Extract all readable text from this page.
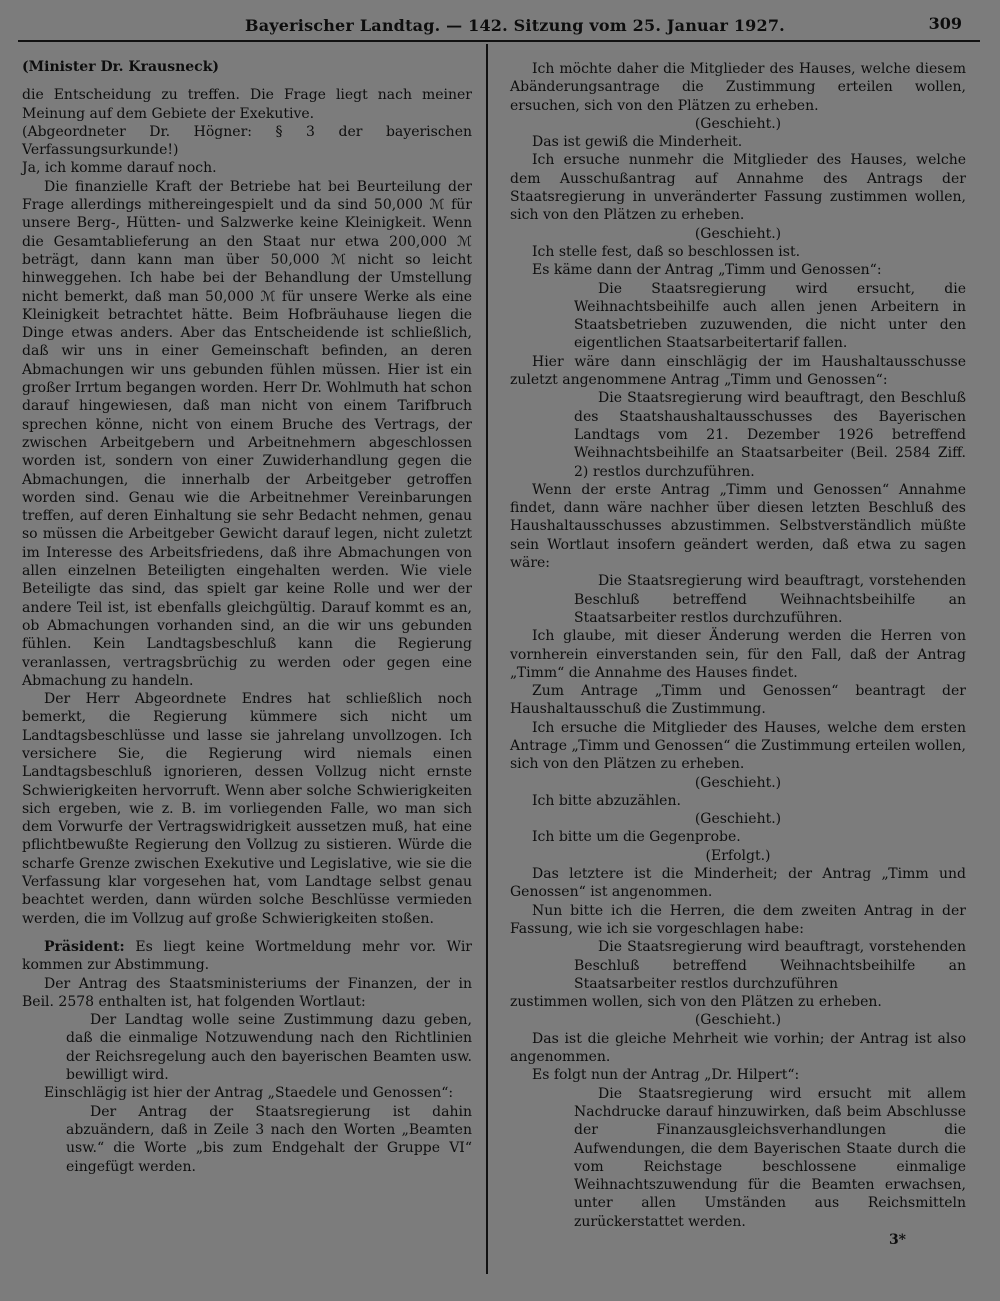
Bayerischer Landtag. — 142. Sitzung vom 25. Januar 1927.	309

(Minister Dr. Krausneck)

die Entscheidung zu treffen. Die Frage liegt nach meiner Meinung auf dem Gebiete der Exekutive.

(Abgeordneter Dr. Högner: § 3 der bayerischen Verfassungsurkunde!)

Ja, ich komme darauf noch.

Die finanzielle Kraft der Betriebe hat bei Beurteilung der Frage allerdings mithereingespielt und da sind 50,000 ℳ für unsere Berg-, Hütten- und Salzwerke keine Kleinigkeit. Wenn die Gesamtablieferung an den Staat nur etwa 200,000 ℳ beträgt, dann kann man über 50,000 ℳ nicht so leicht hinweggehen. Ich habe bei der Behandlung der Umstellung nicht bemerkt, daß man 50,000 ℳ für unsere Werke als eine Kleinigkeit betrachtet hätte. Beim Hofbräuhause liegen die Dinge etwas anders. Aber das Entscheidende ist schließlich, daß wir uns in einer Gemeinschaft befinden, an deren Abmachungen wir uns gebunden fühlen müssen. Hier ist ein großer Irrtum begangen worden. Herr Dr. Wohlmuth hat schon darauf hingewiesen, daß man nicht von einem Tarifbruch sprechen könne, nicht von einem Bruche des Vertrags, der zwischen Arbeitgebern und Arbeitnehmern abgeschlossen worden ist, sondern von einer Zuwiderhandlung gegen die Abmachungen, die innerhalb der Arbeitgeber getroffen worden sind. Genau wie die Arbeitnehmer Vereinbarungen treffen, auf deren Einhaltung sie sehr Bedacht nehmen, genau so müssen die Arbeitgeber Gewicht darauf legen, nicht zuletzt im Interesse des Arbeitsfriedens, daß ihre Abmachungen von allen einzelnen Beteiligten eingehalten werden. Wie viele Beteiligte das sind, das spielt gar keine Rolle und wer der andere Teil ist, ist ebenfalls gleichgültig. Darauf kommt es an, ob Abmachungen vorhanden sind, an die wir uns gebunden fühlen. Kein Landtagsbeschluß kann die Regierung veranlassen, vertragsbrüchig zu werden oder gegen eine Abmachung zu handeln.

Der Herr Abgeordnete Endres hat schließlich noch bemerkt, die Regierung kümmere sich nicht um Landtagsbeschlüsse und lasse sie jahrelang unvollzogen. Ich versichere Sie, die Regierung wird niemals einen Landtagsbeschluß ignorieren, dessen Vollzug nicht ernste Schwierigkeiten hervorruft. Wenn aber solche Schwierigkeiten sich ergeben, wie z. B. im vorliegenden Falle, wo man sich dem Vorwurfe der Vertragswidrigkeit aussetzen muß, hat eine pflichtbewußte Regierung den Vollzug zu sistieren. Würde die scharfe Grenze zwischen Exekutive und Legislative, wie sie die Verfassung klar vorgesehen hat, vom Landtage selbst genau beachtet werden, dann würden solche Beschlüsse vermieden werden, die im Vollzug auf große Schwierigkeiten stoßen.

Präsident: Es liegt keine Wortmeldung mehr vor. Wir kommen zur Abstimmung.

Der Antrag des Staatsministeriums der Finanzen, der in Beil. 2578 enthalten ist, hat folgenden Wortlaut:

Der Landtag wolle seine Zustimmung dazu geben, daß die einmalige Notzuwendung nach den Richtlinien der Reichsregelung auch den bayerischen Beamten usw. bewilligt wird.

Einschlägig ist hier der Antrag „Staedele und Genossen“:

Der Antrag der Staatsregierung ist dahin abzuändern, daß in Zeile 3 nach den Worten „Beamten usw.“ die Worte „bis zum Endgehalt der Gruppe VI“ eingefügt werden.

Ich möchte daher die Mitglieder des Hauses, welche diesem Abänderungsantrage die Zustimmung erteilen wollen, ersuchen, sich von den Plätzen zu erheben.

(Geschieht.)

Das ist gewiß die Minderheit.

Ich ersuche nunmehr die Mitglieder des Hauses, welche dem Ausschußantrag auf Annahme des Antrags der Staatsregierung in unveränderter Fassung zustimmen wollen, sich von den Plätzen zu erheben.

(Geschieht.)

Ich stelle fest, daß so beschlossen ist.

Es käme dann der Antrag „Timm und Genossen“:

Die Staatsregierung wird ersucht, die Weihnachtsbeihilfe auch allen jenen Arbeitern in Staatsbetrieben zuzuwenden, die nicht unter den eigentlichen Staatsarbeitertarif fallen.

Hier wäre dann einschlägig der im Haushaltausschusse zuletzt angenommene Antrag „Timm und Genossen“:

Die Staatsregierung wird beauftragt, den Beschluß des Staatshaushaltausschusses des Bayerischen Landtags vom 21. Dezember 1926 betreffend Weihnachtsbeihilfe an Staatsarbeiter (Beil. 2584 Ziff. 2) restlos durchzuführen.

Wenn der erste Antrag „Timm und Genossen“ Annahme findet, dann wäre nachher über diesen letzten Beschluß des Haushaltausschusses abzustimmen. Selbstverständlich müßte sein Wortlaut insofern geändert werden, daß etwa zu sagen wäre:

Die Staatsregierung wird beauftragt, vorstehenden Beschluß betreffend Weihnachtsbeihilfe an Staatsarbeiter restlos durchzuführen.

Ich glaube, mit dieser Änderung werden die Herren von vornherein einverstanden sein, für den Fall, daß der Antrag „Timm“ die Annahme des Hauses findet.

Zum Antrage „Timm und Genossen“ beantragt der Haushaltausschuß die Zustimmung.

Ich ersuche die Mitglieder des Hauses, welche dem ersten Antrage „Timm und Genossen“ die Zustimmung erteilen wollen, sich von den Plätzen zu erheben.

(Geschieht.)

Ich bitte abzuzählen.

(Geschieht.)

Ich bitte um die Gegenprobe.

(Erfolgt.)

Das letztere ist die Minderheit; der Antrag „Timm und Genossen“ ist angenommen.

Nun bitte ich die Herren, die dem zweiten Antrag in der Fassung, wie ich sie vorgeschlagen habe:

Die Staatsregierung wird beauftragt, vorstehenden Beschluß betreffend Weihnachtsbeihilfe an Staatsarbeiter restlos durchzuführen

zustimmen wollen, sich von den Plätzen zu erheben.

(Geschieht.)

Das ist die gleiche Mehrheit wie vorhin; der Antrag ist also angenommen.

Es folgt nun der Antrag „Dr. Hilpert“:

Die Staatsregierung wird ersucht mit allem Nachdrucke darauf hinzuwirken, daß beim Abschlusse der Finanzausgleichsverhandlungen die Aufwendungen, die dem Bayerischen Staate durch die vom Reichstage beschlossene einmalige Weihnachtszuwendung für die Beamten erwachsen, unter allen Umständen aus Reichsmitteln zurückerstattet werden.

3*
